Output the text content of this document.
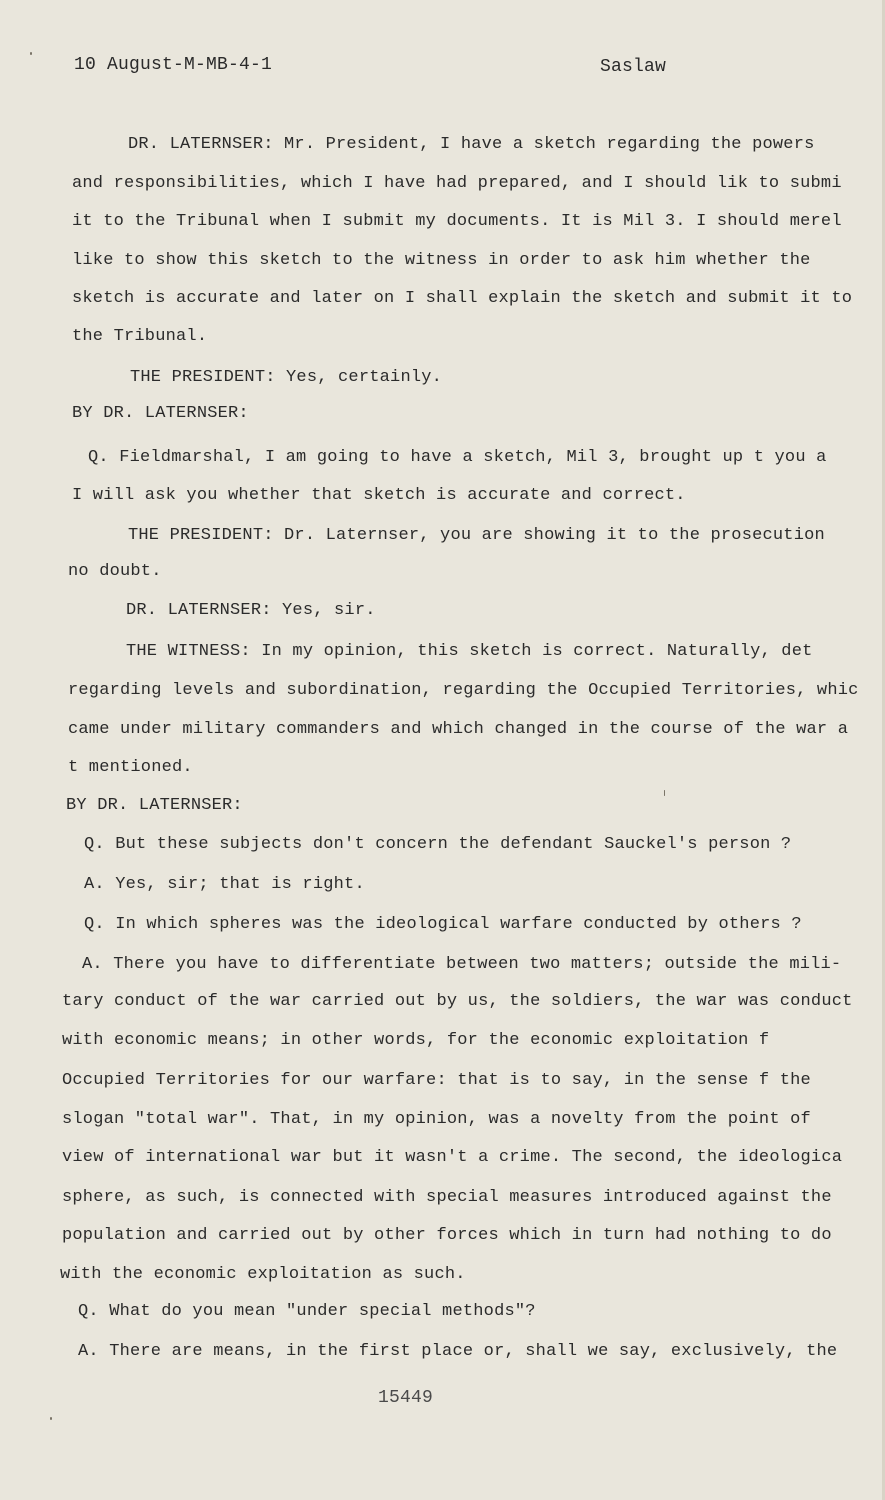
10 August-M-MB-4-1	Saslaw
DR. LATERNSER: Mr. President, I have a sketch regarding the powers
and responsibilities, which I have had prepared, and I should lik to submi
it to the Tribunal when I submit my documents. It is Mil 3. I should merel
like to show this sketch to the witness in order to ask him whether the
sketch is accurate and later on I shall explain the sketch and submit it to
the Tribunal.
THE PRESIDENT: Yes, certainly.
BY DR. LATERNSER:
Q. Fieldmarshal, I am going to have a sketch, Mil 3, brought up t you a
I will ask you whether that sketch is accurate and correct.
THE PRESIDENT: Dr. Laternser, you are showing it to the prosecution
no doubt.
DR. LATERNSER: Yes, sir.
THE WITNESS: In my opinion, this sketch is correct. Naturally, det
regarding levels and subordination, regarding the Occupied Territories, whic
came under military commanders and which changed in the course of the war a
t mentioned.
BY DR. LATERNSER:
Q. But these subjects don't concern the defendant Sauckel's person ?
A. Yes, sir; that is right.
Q. In which spheres was the ideological warfare conducted by others ?
A. There you have to differentiate between two matters; outside the mili-
tary conduct of the war carried out by us, the soldiers, the war was conduct
with economic means; in other words, for the economic exploitation f
Occupied Territories for our warfare: that is to say, in the sense f the
slogan "total war". That, in my opinion, was a novelty from the point of
view of international war but it wasn't a crime. The second, the ideologica
sphere, as such, is connected with special measures introduced against the
population and carried out by other forces which in turn had nothing to do
with the economic exploitation as such.
Q. What do you mean "under special methods"?
A. There are means, in the first place or, shall we say, exclusively, the
15449
